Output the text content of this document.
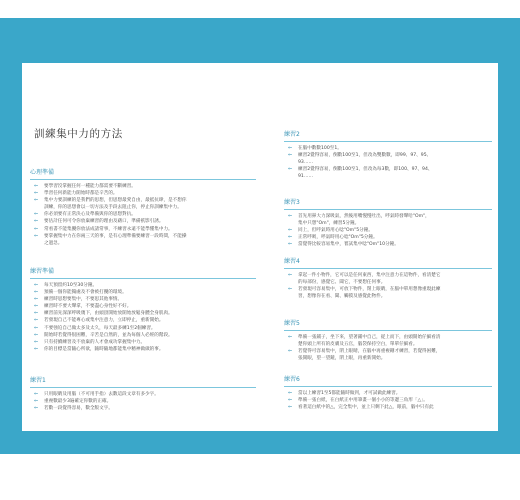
訓練集中力的方法
心理準備
⇐ 要學習沒掌握任何一種能力都需要不斷練習。
⇐ 學習任何新能力開始時都是辛苦的。
⇐ 集中力要訓練的是我們的思想，但思想最愛自由，最抵抗肆，是不想你
訓練，你的思想會以一切方法及手段去阻止你，停止你訓練集中力。
⇐ 你必須要有正常決心及準備與你的思想對抗。
⇐ 要估計任何可令你放棄練習的理由及藉口，準備扺影引誘。
⇐ 常看書不能集擾你放法成諸常事，不練習永遠不能學懂集中力。
⇐ 要掌握集中力在你兩三天的事，是有心理準備要練習一段時間，不能操
之過急。
練習準備
⇐ 每天預留約10至30分鐘。
⇐ 預備一個你能獨處及不會被打擾的環境。
⇐ 練習時思想要集中，不要思其他事情。
⇐ 練習時不要大聲拿，不要盡心身性好不好。
⇐ 練習前先深深呼吸幾下，由頭頂開始放開始放鬆身體全身肌肉。
⇐ 若發現自己不能專心或集中注意力，立即停止，重新開始。
⇐ 不要強迫自己做太多及太久，每天最多練1至2個練習。
⇐ 開始時若覺得很困難，辛苦是自然的，並為每個人必經的階段。
⇐ 只有持續練習及不放棄的人才會成功掌握集中力。
⇐ 你的目標是當隨心所欲，隨時隨地都能集中精神做做的事。
練習1
⇐ 只用眼睛及用腦（不可用手指）去數這段文章有多少字。
⇐ 重複數最少3遍確定你數的正確。
⇐ 若數一段覺得容易，數全版文字。
練習2
⇐ 在腦中數數100至1。
⇐ 練習2覺得容易，倒數100至1，但改為雙數數，即99、97、95、
93……
⇐ 練習2覺得容易，倒數100至1，但改為每3數，即100、97、94、
91……
練習3
⇐ 首先用鼻大力深吸氣，然後用嘴慢慢吐出，呼氣時發聲哈"Om"，
集中只想"Om"，練習5分鐘。
⇐ 同上，但呼氣時用心唸"Om"5分鐘。
⇐ 正常呼吸，呼氣時用心唸"Om"5分鐘。
⇐ 當覺得比較容易集中，嘗試集中唸"Om"10分鐘。
練習4
⇐ 拿起一件小物件，它可以是任何東西，集中注意力在這物件，看清楚它
的每部份，感覺它、聞它，不要想任何事。
⇐ 若發現可容易集中，可放下物件，閉上眼睛，在腦中單用想像重現此練
習，想像你在看、聞、觸摸及感覺此物件。
練習5
⇐ 準備一張鋪子，坐下來，望著鋪中自己，從上而下，由頭開始仔細看清
楚你頭上所有的皮膚及五官，腦袋保持空白，單單仔細看。
⇐ 若覺得可容易集中，閉上眼睛，在腦中再重複剛才練習，若覺得困難，
張開眼，望一望鏡，閉上眼，再重新開始。
練習6
⇐ 當以上練習1至5都能隨時做到，才可試做此練習。
⇐ 準備一張白紙，在白紙正中用筆畫一個小小的等邊三角形「△」。
⇐ 看著這白紙中的△，完全集中，並上只剩下此△，眼前，腦中只有此
